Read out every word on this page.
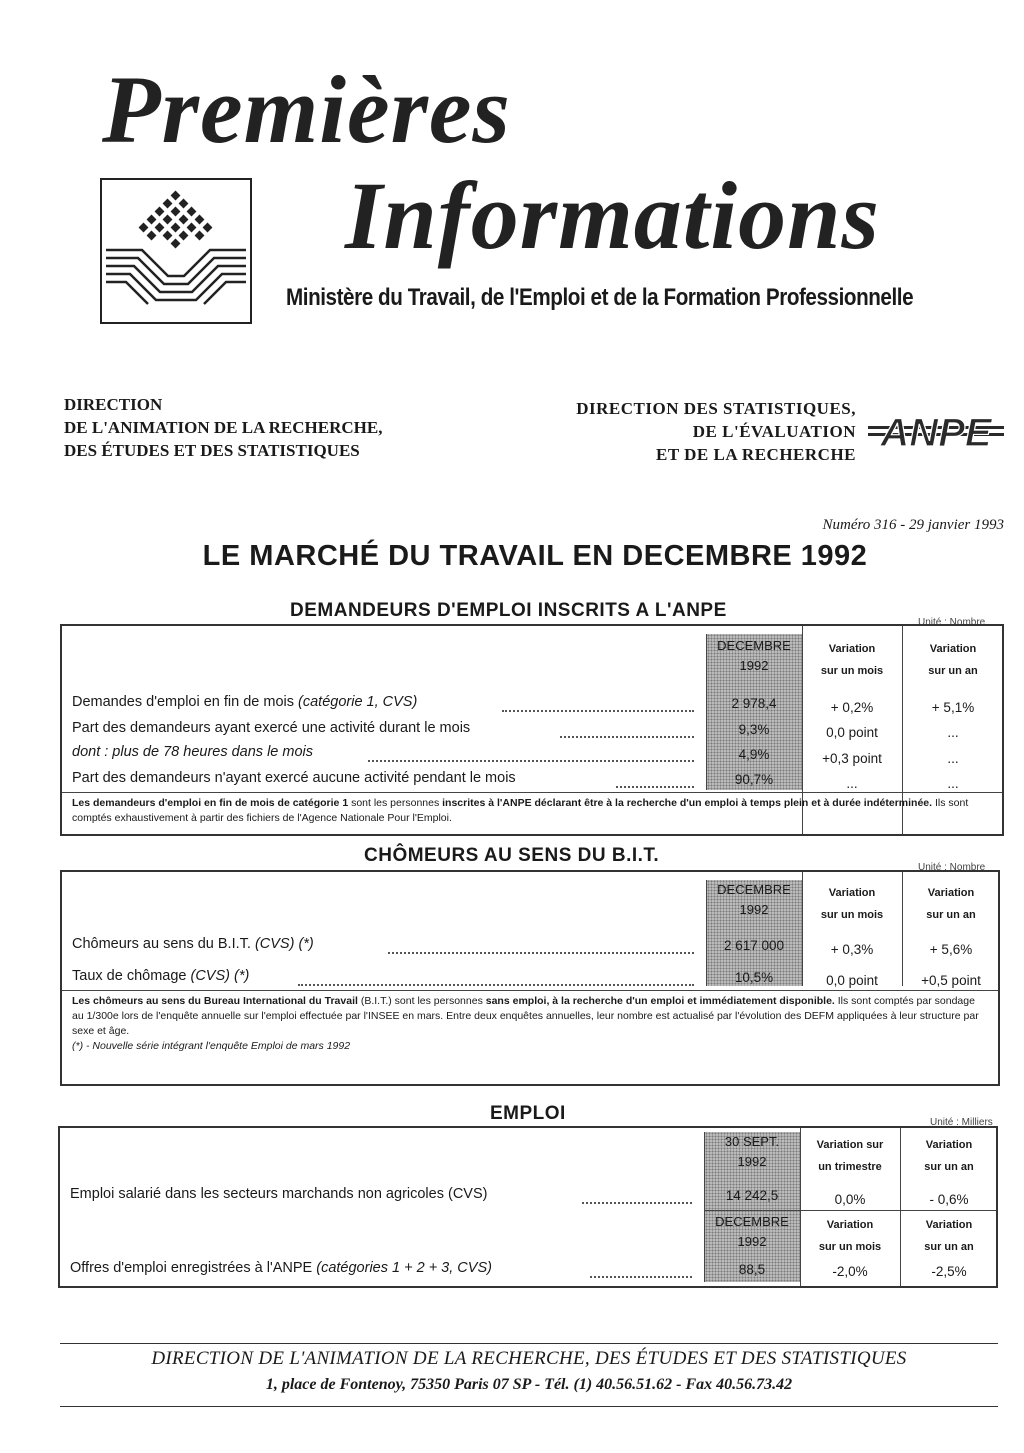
Premières
Informations
Ministère du Travail, de l'Emploi et de la Formation Professionnelle
DIRECTION
DE L'ANIMATION DE LA RECHERCHE,
DES ÉTUDES ET DES STATISTIQUES
DIRECTION DES STATISTIQUES,
DE L'ÉVALUATION
ET DE LA RECHERCHE ANPE
Numéro 316 - 29 janvier 1993
LE MARCHÉ DU TRAVAIL EN DECEMBRE 1992
DEMANDEURS D'EMPLOI INSCRITS A L'ANPE
Unité : Nombre
DECEMBRE
1992
Variation
sur un mois
Variation
sur un an
Demandes d'emploi en fin de mois (catégorie 1, CVS)	2 978,4	+ 0,2%	+ 5,1%
Part des demandeurs ayant exercé une activité durant le mois	9,3%	0,0 point	...
dont : plus de 78 heures dans le mois	4,9%	+0,3 point	...
Part des demandeurs n'ayant exercé aucune activité pendant le mois	90,7%	...	...
Les demandeurs d'emploi en fin de mois de catégorie 1 sont les personnes inscrites à l'ANPE déclarant être à la recherche d'un emploi à temps plein et à durée indéterminée. Ils sont comptés exhaustivement à partir des fichiers de l'Agence Nationale Pour l'Emploi.
CHÔMEURS AU SENS DU B.I.T.
Unité : Nombre
DECEMBRE
1992
Variation
sur un mois
Variation
sur un an
Chômeurs au sens du B.I.T. (CVS) (*)	2 617 000	+ 0,3%	+ 5,6%
Taux de chômage (CVS) (*)	10,5%	0,0 point	+0,5 point
Les chômeurs au sens du Bureau International du Travail (B.I.T.) sont les personnes sans emploi, à la recherche d'un emploi et immédiatement disponible. Ils sont comptés par sondage au 1/300e lors de l'enquête annuelle sur l'emploi effectuée par l'INSEE en mars. Entre deux enquêtes annuelles, leur nombre est actualisé par l'évolution des DEFM appliquées à leur structure par sexe et âge.
(*) - Nouvelle série intégrant l'enquête Emploi de mars 1992
EMPLOI	Unité : Milliers
30 SEPT.
1992
Variation sur
un trimestre
Variation
sur un an
Emploi salarié dans les secteurs marchands non agricoles (CVS)	14 242,5	0,0%	- 0,6%
DECEMBRE
1992
Variation
sur un mois
Variation
sur un an
Offres d'emploi enregistrées à l'ANPE (catégories 1 + 2 + 3, CVS)	88,5	-2,0%	-2,5%
DIRECTION DE L'ANIMATION DE LA RECHERCHE, DES ÉTUDES ET DES STATISTIQUES
1, place de Fontenoy, 75350 Paris 07 SP - Tél. (1) 40.56.51.62 - Fax 40.56.73.42
